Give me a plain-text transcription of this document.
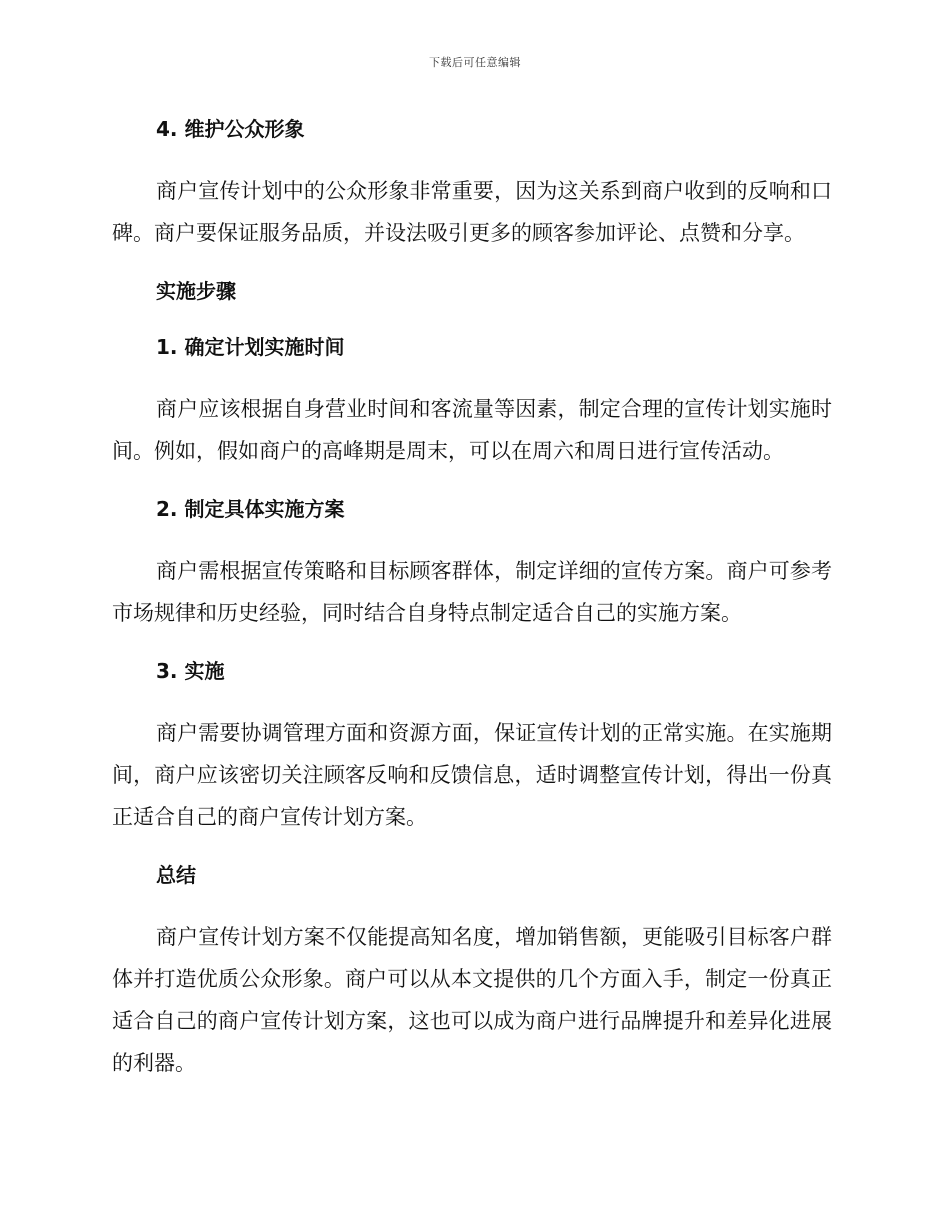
下载后可任意编辑
4. 维护公众形象

商户宣传计划中的公众形象非常重要，因为这关系到商户收到的反响和口碑。商户要保证服务品质，并设法吸引更多的顾客参加评论、点赞和分享。

实施步骤
1. 确定计划实施时间

商户应该根据自身营业时间和客流量等因素，制定合理的宣传计划实施时间。例如，假如商户的高峰期是周末，可以在周六和周日进行宣传活动。

2. 制定具体实施方案

商户需根据宣传策略和目标顾客群体，制定详细的宣传方案。商户可参考市场规律和历史经验，同时结合自身特点制定适合自己的实施方案。

3. 实施

商户需要协调管理方面和资源方面，保证宣传计划的正常实施。在实施期间，商户应该密切关注顾客反响和反馈信息，适时调整宣传计划，得出一份真正适合自己的商户宣传计划方案。

总结

商户宣传计划方案不仅能提高知名度，增加销售额，更能吸引目标客户群体并打造优质公众形象。商户可以从本文提供的几个方面入手，制定一份真正适合自己的商户宣传计划方案，这也可以成为商户进行品牌提升和差异化进展的利器。
